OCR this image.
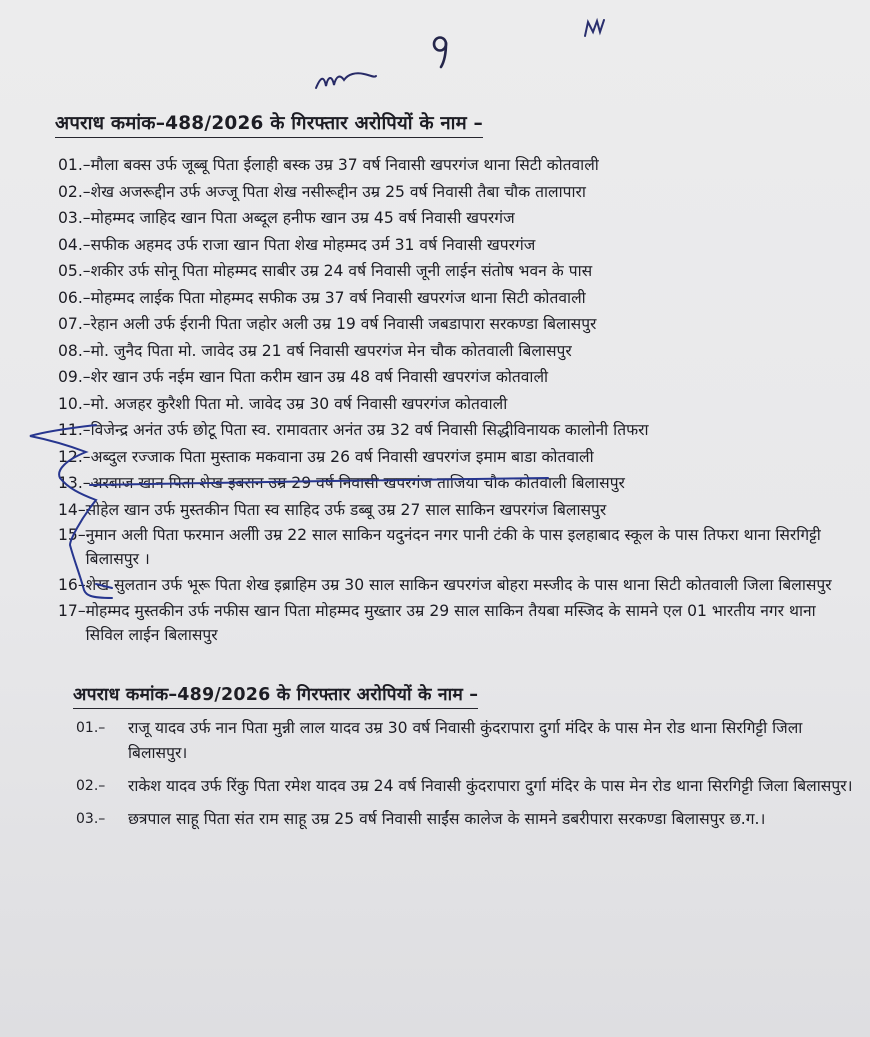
M
9
m
अपराध कमांक–488/2026 के गिरफ्तार अरोपियों के नाम –
01.– मौला बक्स उर्फ जूब्बू पिता ईलाही बस्क उम्र 37 वर्ष निवासी खपरगंज थाना सिटी कोतवाली
02.– शेख अजरूद्दीन उर्फ अज्जू पिता शेख नसीरूद्दीन उम्र 25 वर्ष निवासी तैबा चौक तालापारा
03.– मोहम्मद जाहिद खान पिता अब्दूल हनीफ खान उम्र 45 वर्ष निवासी खपरगंज
04.– सफीक अहमद उर्फ राजा खान पिता शेख मोहम्मद उर्म 31 वर्ष निवासी खपरगंज
05.– शकीर उर्फ सोनू पिता मोहम्मद साबीर उम्र 24 वर्ष निवासी जूनी लाईन संतोष भवन के पास
06.– मोहम्मद लाईक पिता मोहम्मद सफीक उम्र 37 वर्ष निवासी खपरगंज थाना सिटी कोतवाली
07.– रेहान अली उर्फ ईरानी पिता जहोर अली उम्र 19 वर्ष निवासी जबडापारा सरकण्डा बिलासपुर
08.– मो. जुनैद पिता मो. जावेद उम्र 21 वर्ष निवासी खपरगंज मेन चौक कोतवाली बिलासपुर
09.– शेर खान उर्फ नईम खान पिता करीम खान उम्र 48 वर्ष निवासी खपरगंज कोतवाली
10.– मो. अजहर कुरैशी पिता मो. जावेद उम्र 30 वर्ष निवासी खपरगंज कोतवाली
11.– विजेन्द्र अनंत उर्फ छोटू पिता स्व. रामावतार अनंत उम्र 32 वर्ष निवासी सिद्धीविनायक कालोनी तिफरा
12.– अब्दुल रज्जाक पिता मुस्ताक मकवाना उम्र 26 वर्ष निवासी खपरगंज इमाम बाडा कोतवाली
13.– अरबाज खान पिता शेख इबरान उम्र 29 वर्ष निवासी खपरगंज ताजिया चौक कोतवाली बिलासपुर
14– सोहेल खान उर्फ मुस्तकीन पिता स्व साहिद उर्फ डब्बू उम्र 27 साल साकिन खपरगंज बिलासपुर
15– नुमान अली पिता फरमान अलीी उम्र 22 साल साकिन यदुनंदन नगर पानी टंकी के पास इलहाबाद स्कूल के पास तिफरा थाना सिरगिट्टी बिलासपुर ।
16– शेख सुलतान उर्फ भूरू पिता शेख इब्राहिम उम्र 30 साल साकिन खपरगंज बोहरा मस्जीद के पास थाना सिटी कोतवाली जिला बिलासपुर
17– मोहम्मद मुस्तकीन उर्फ नफीस खान पिता मोहम्मद मुख्तार उम्र 29 साल साकिन तैयबा मस्जिद के सामने एल 01 भारतीय नगर थाना सिविल लाईन बिलासपुर
अपराध कमांक–489/2026 के गिरफ्तार अरोपियों के नाम –
01.–	राजू यादव उर्फ नान पिता मुन्नी लाल यादव उम्र 30 वर्ष निवासी कुंदरापारा दुर्गा मंदिर के पास मेन रोड थाना सिरगिट्टी जिला बिलासपुर।
02.–	राकेश यादव उर्फ रिंकु पिता रमेश यादव उम्र 24 वर्ष निवासी कुंदरापारा दुर्गा मंदिर के पास मेन रोड थाना सिरगिट्टी जिला बिलासपुर।
03.–	छत्रपाल साहू पिता संत राम साहू उम्र 25 वर्ष निवासी साईंस कालेज के सामने डबरीपारा सरकण्डा बिलासपुर छ.ग.।
